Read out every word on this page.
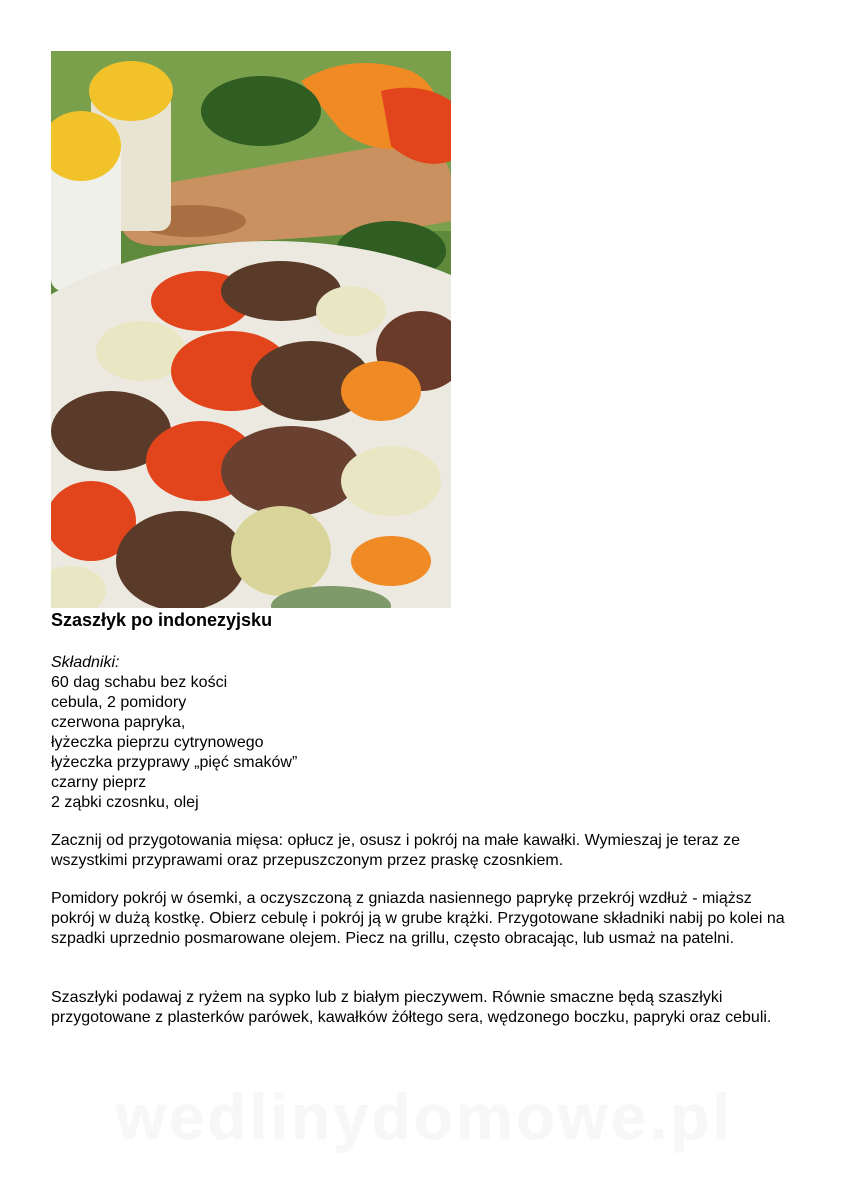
Szaszłyk po indonezyjsku
Składniki:
60 dag schabu bez kości
cebula, 2 pomidory
czerwona papryka,
łyżeczka pieprzu cytrynowego
łyżeczka przyprawy „pięć smaków”
czarny pieprz
2 ząbki czosnku, olej

Zacznij od przygotowania mięsa: opłucz je, osusz i pokrój na małe kawałki. Wymieszaj je teraz ze wszystkimi przyprawami oraz przepuszczonym przez praskę czosnkiem.

Pomidory pokrój w ósemki, a oczyszczoną z gniazda nasiennego paprykę przekrój wzdłuż - miąższ pokrój w dużą kostkę. Obierz cebulę i pokrój ją w grube krążki. Przygotowane składniki nabij po kolei na szpadki uprzednio posmarowane olejem. Piecz na grillu, często obracając, lub usmaż na patelni.

Szaszłyki podawaj z ryżem na sypko lub z białym pieczywem. Równie smaczne będą szaszłyki przygotowane z plasterków parówek, kawałków żółtego sera, wędzonego boczku, papryki oraz cebuli.

wedlinydomowe.pl
